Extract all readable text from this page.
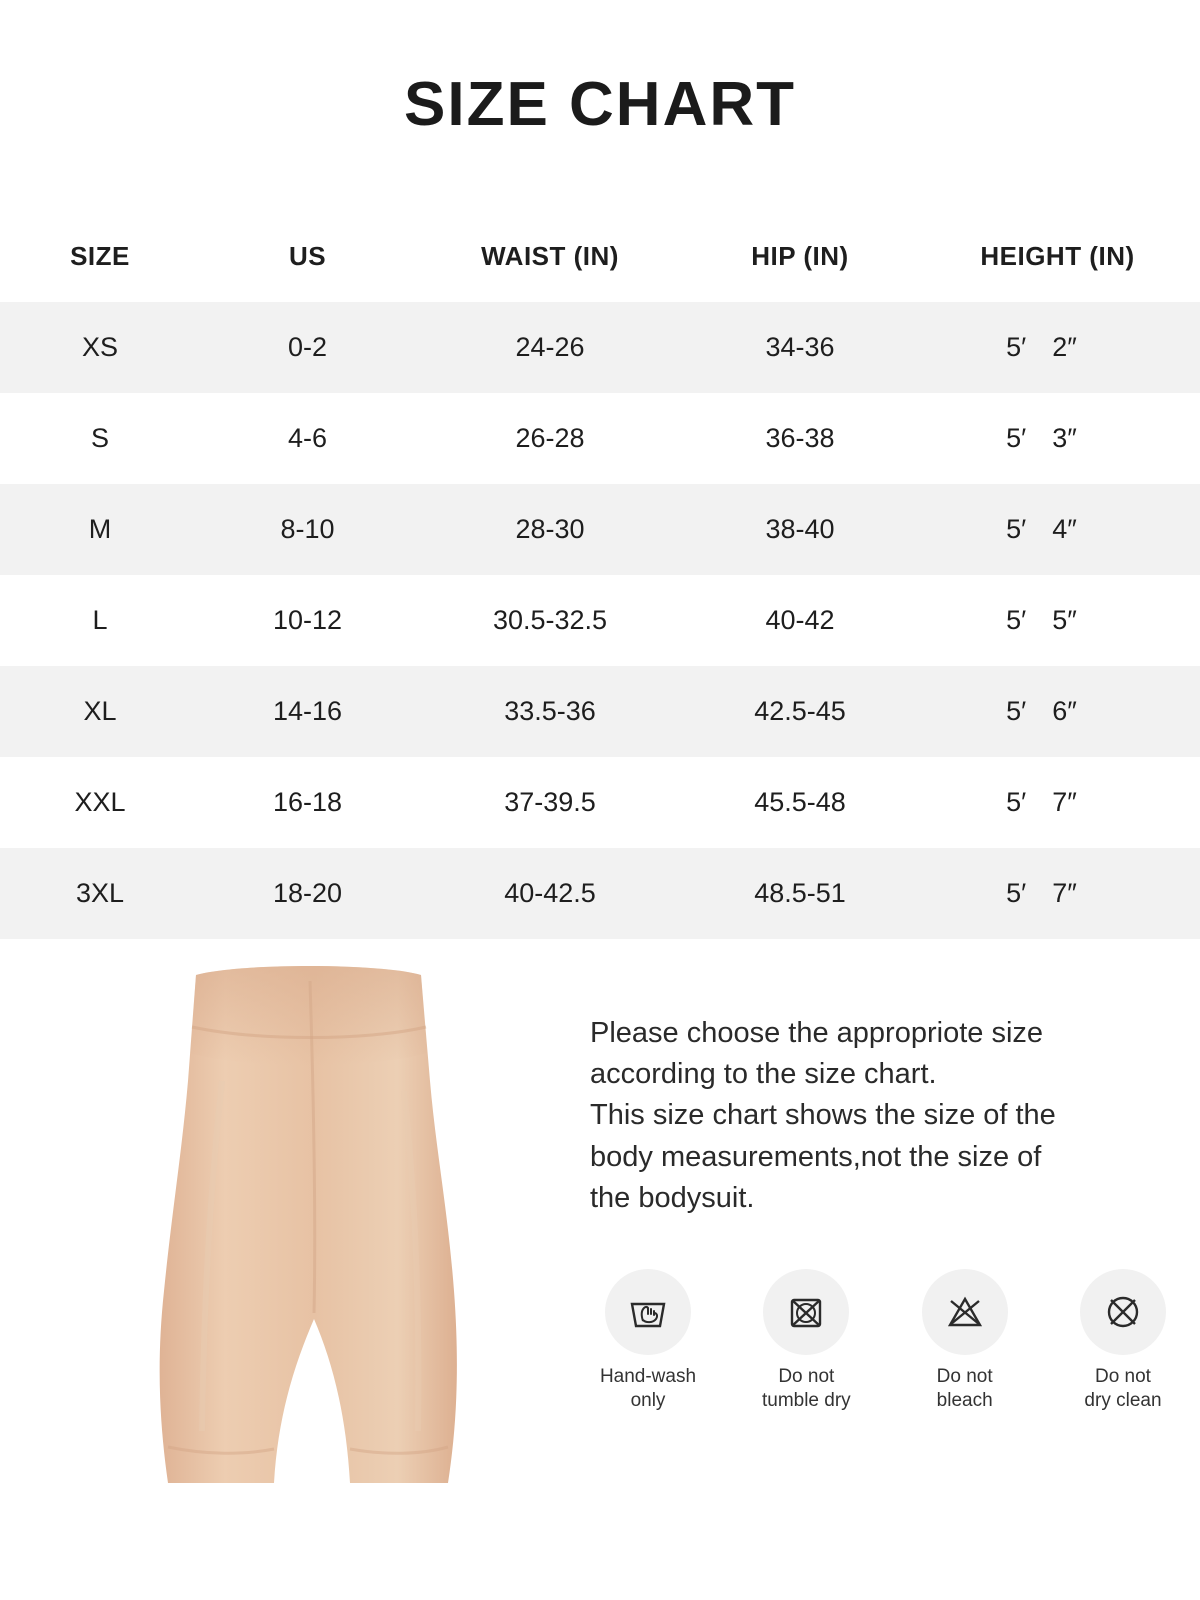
SIZE CHART
SIZE	US	WAIST (IN)	HIP (IN)	HEIGHT (IN)
XS	0-2	24-26	34-36	5′ 2″

S	4-6	26-28	36-38	5′ 3″

M	8-10	28-30	38-40	5′ 4″

L	10-12	30.5-32.5	40-42	5′ 5″

XL	14-16	33.5-36	42.5-45	5′ 6″

XXL	16-18	37-39.5	45.5-48	5′ 7″

3XL	18-20	40-42.5	48.5-51	5′ 7″

Please choose the appropriote size

according to the size chart.

This size chart shows the size of the

body measurements,not the size of

the bodysuit.

Hand-wash
only
Do not
tumble dry
Do not
bleach
Do not
dry clean
